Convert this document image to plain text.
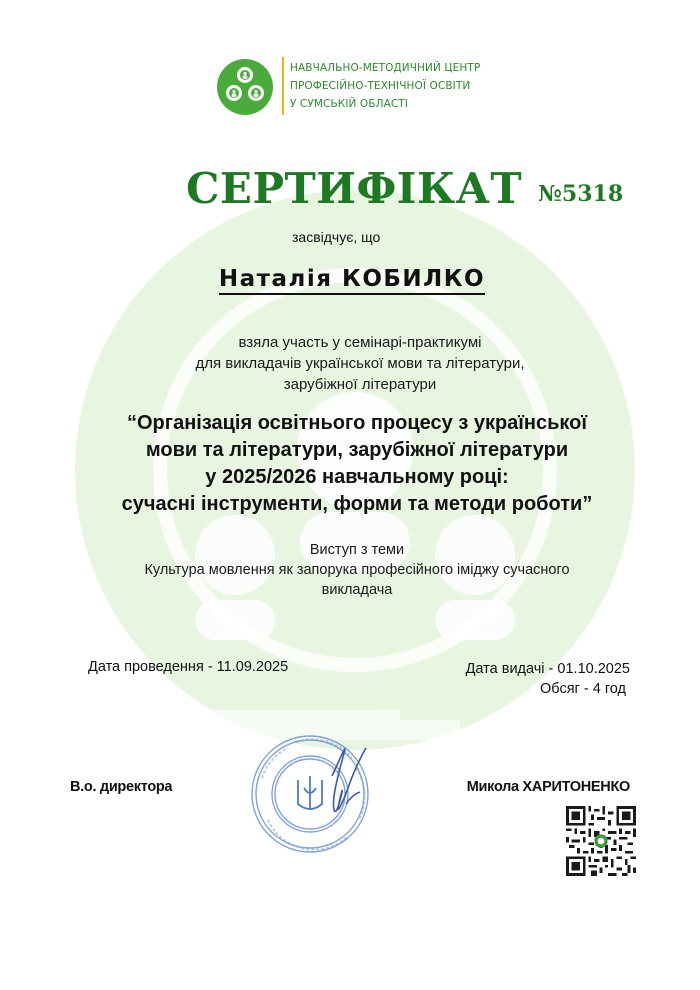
НАВЧАЛЬНО-МЕТОДИЧНИЙ ЦЕНТР
ПРОФЕСІЙНО-ТЕХНІЧНОЇ ОСВІТИ
У СУМСЬКІЙ ОБЛАСТІ
СЕРТИФІКАТ №5318
засвідчує, що
Наталія КОБИЛКО
взяла участь у семінарі-практикумі
для викладачів української мови та літератури,
зарубіжної літератури
“Організація освітнього процесу з української
мови та літератури, зарубіжної літератури
у 2025/2026 навчальному році:
сучасні інструменти, форми та методи роботи”
Виступ з теми
Культура мовлення як запорука професійного іміджу сучасного
викладача
Дата проведення - 11.09.2025	Дата видачі - 01.10.2025
Обсяг - 4 год
В.о. директора	Микола ХАРИТОНЕНКО
